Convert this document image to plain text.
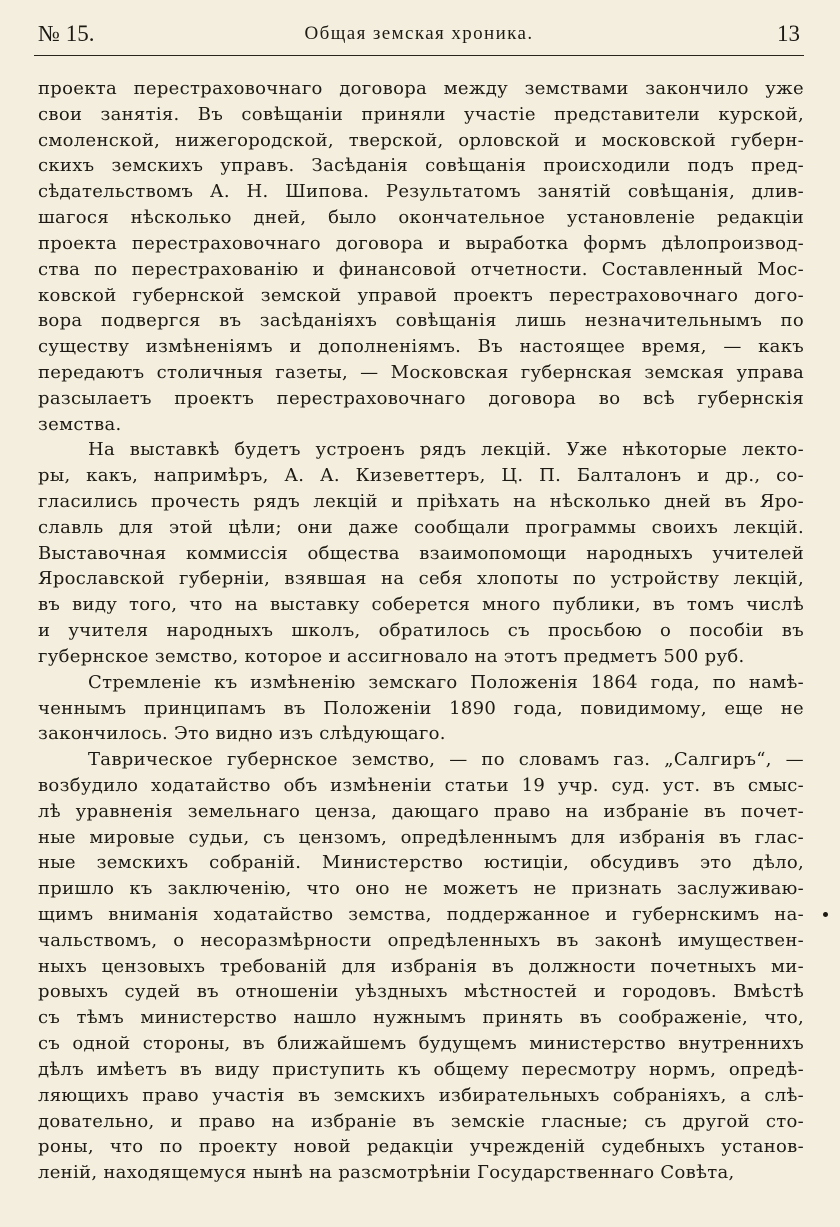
№ 15.	Общая земская хроника.	13
проекта перестраховочнаго договора между земствами закончило уже
свои занятія. Въ совѣщаніи приняли участіе представители курской,
смоленской, нижегородской, тверской, орловской и московской губерн-
скихъ земскихъ управъ. Засѣданія совѣщанія происходили подъ пред-
сѣдательствомъ А. Н. Шипова. Результатомъ занятій совѣщанія, длив-
шагося нѣсколько дней, было окончательное установленіе редакціи
проекта перестраховочнаго договора и выработка формъ дѣлопроизвод-
ства по перестрахованію и финансовой отчетности. Составленный Мос-
ковской губернской земской управой проектъ перестраховочнаго дого-
вора подвергся въ засѣданіяхъ совѣщанія лишь незначительнымъ по
существу измѣненіямъ и дополненіямъ. Въ настоящее время, — какъ
передаютъ столичныя газеты, — Московская губернская земская управа
разсылаетъ проектъ перестраховочнаго договора во всѣ губернскія
земства.
На выставкѣ будетъ устроенъ рядъ лекцій. Уже нѣкоторые лекто-
ры, какъ, напримѣръ, А. А. Кизеветтеръ, Ц. П. Балталонъ и др., со-
гласились прочесть рядъ лекцій и пріѣхать на нѣсколько дней въ Яро-
славль для этой цѣли; они даже сообщали программы своихъ лекцій.
Выставочная коммиссія общества взаимопомощи народныхъ учителей
Ярославской губерніи, взявшая на себя хлопоты по устройству лекцій,
въ виду того, что на выставку соберется много публики, въ томъ числѣ
и учителя народныхъ школъ, обратилось съ просьбою о пособіи въ
губернское земство, которое и ассигновало на этотъ предметъ 500 руб.
Стремленіе къ измѣненію земскаго Положенія 1864 года, по намѣ-
ченнымъ принципамъ въ Положеніи 1890 года, повидимому, еще не
закончилось. Это видно изъ слѣдующаго.
Таврическое губернское земство, — по словамъ газ. „Салгиръ“, —
возбудило ходатайство объ измѣненіи статьи 19 учр. суд. уст. въ смыс-
лѣ уравненія земельнаго ценза, дающаго право на избраніе въ почет-
ные мировые судьи, съ цензомъ, опредѣленнымъ для избранія въ глас-
ные земскихъ собраній. Министерство юстиціи, обсудивъ это дѣло,
пришло къ заключенію, что оно не можетъ не признать заслуживаю-
щимъ вниманія ходатайство земства, поддержанное и губернскимъ на-
чальствомъ, о несоразмѣрности опредѣленныхъ въ законѣ имуществен-
ныхъ цензовыхъ требованій для избранія въ должности почетныхъ ми-
ровыхъ судей въ отношеніи уѣздныхъ мѣстностей и городовъ. Вмѣстѣ
съ тѣмъ министерство нашло нужнымъ принять въ соображеніе, что,
съ одной стороны, въ ближайшемъ будущемъ министерство внутреннихъ
дѣлъ имѣетъ въ виду приступить къ общему пересмотру нормъ, опредѣ-
ляющихъ право участія въ земскихъ избирательныхъ собраніяхъ, а слѣ-
довательно, и право на избраніе въ земскіе гласные; съ другой сто-
роны, что по проекту новой редакціи учрежденій судебныхъ установ-
леній, находящемуся нынѣ на разсмотрѣніи Государственнаго Совѣта,
